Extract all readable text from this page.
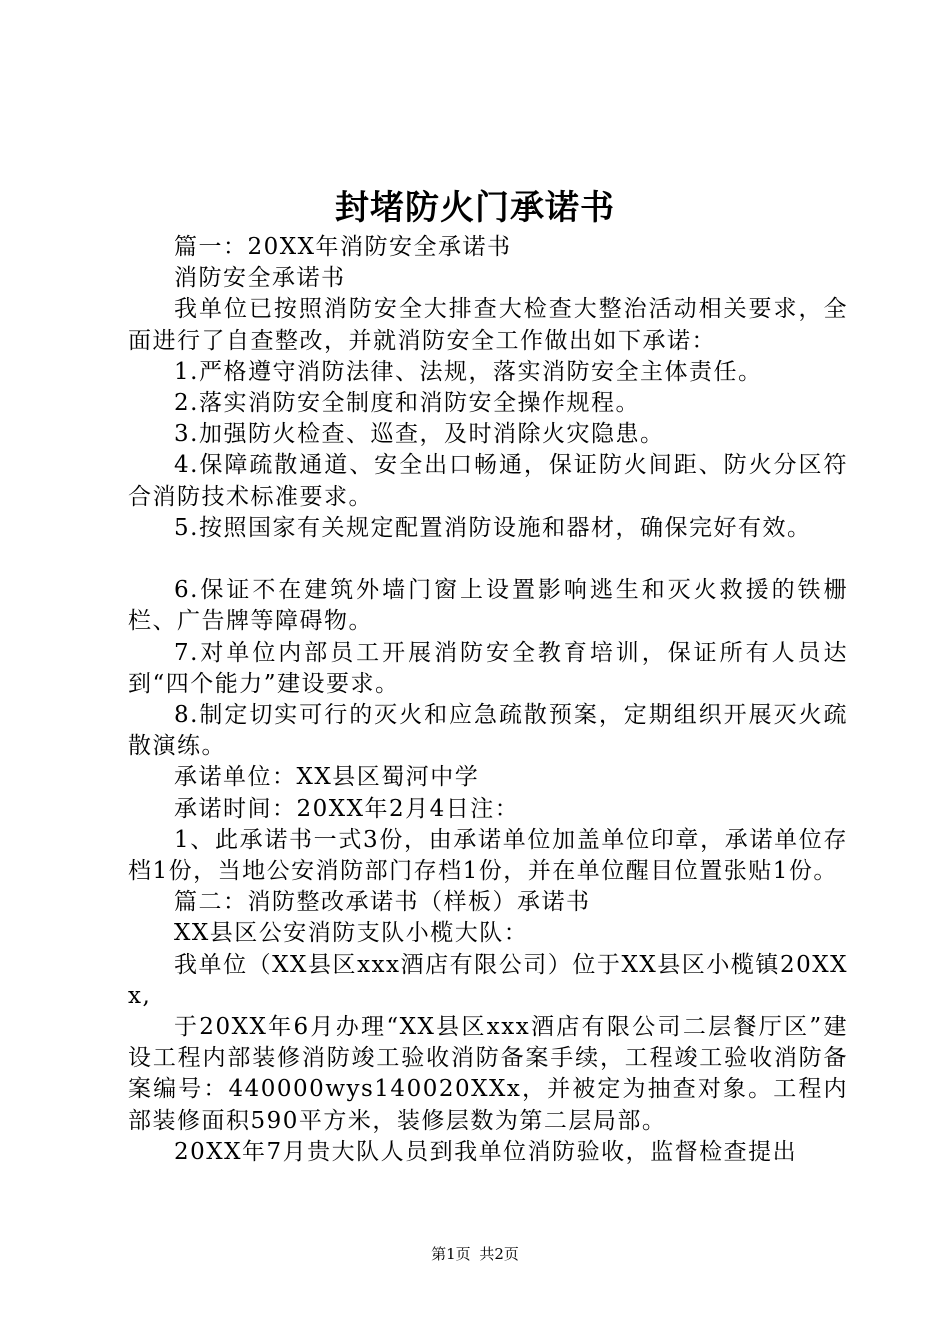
封堵防火门承诺书

篇一：20XX年消防安全承诺书

消防安全承诺书

我单位已按照消防安全大排查大检查大整治活动相关要求，全面进行了自查整改，并就消防安全工作做出如下承诺：

1.严格遵守消防法律、法规，落实消防安全主体责任。

2.落实消防安全制度和消防安全操作规程。

3.加强防火检查、巡查，及时消除火灾隐患。

4.保障疏散通道、安全出口畅通，保证防火间距、防火分区符合消防技术标准要求。

5.按照国家有关规定配置消防设施和器材，确保完好有效。

6.保证不在建筑外墙门窗上设置影响逃生和灭火救援的铁栅栏、广告牌等障碍物。

7.对单位内部员工开展消防安全教育培训，保证所有人员达到“四个能力”建设要求。

8.制定切实可行的灭火和应急疏散预案，定期组织开展灭火疏散演练。

承诺单位：XX县区蜀河中学

承诺时间：20XX年2月4日注：

1、此承诺书一式3份，由承诺单位加盖单位印章，承诺单位存档1份，当地公安消防部门存档1份，并在单位醒目位置张贴1份。

篇二：消防整改承诺书（样板）承诺书

XX县区公安消防支队小榄大队：

我单位（XX县区xxx酒店有限公司）位于XX县区小榄镇20XXx,

于20XX年6月办理“XX县区xxx酒店有限公司二层餐厅区”建设工程内部装修消防竣工验收消防备案手续，工程竣工验收消防备案编号：440000wys140020XXx，并被定为抽查对象。工程内部装修面积590平方米，装修层数为第二层局部。

20XX年7月贵大队人员到我单位消防验收，监督检查提出

第1页 共2页
